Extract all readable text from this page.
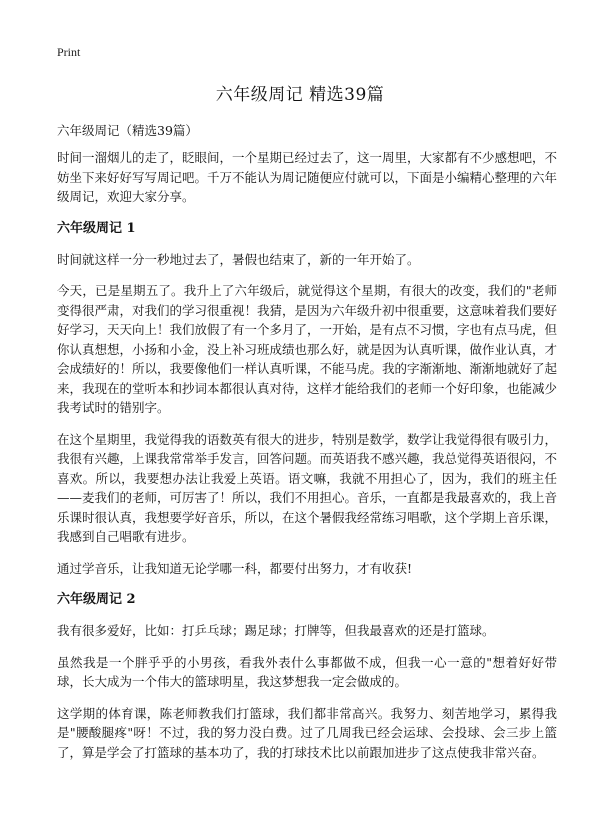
Print
六年级周记 精选39篇

六年级周记（精选39篇）

时间一溜烟儿的走了，眨眼间，一个星期已经过去了，这一周里，大家都有不少感想吧，不妨坐下来好好写写周记吧。千万不能认为周记随便应付就可以，下面是小编精心整理的六年级周记，欢迎大家分享。

六年级周记 1

时间就这样一分一秒地过去了，暑假也结束了，新的一年开始了。

今天，已是星期五了。我升上了六年级后，就觉得这个星期，有很大的改变，我们的"老师变得很严肃，对我们的学习很重视！我猜，是因为六年级升初中很重要，这意味着我们要好好学习，天天向上！我们放假了有一个多月了，一开始，是有点不习惯，字也有点马虎，但你认真想想，小扬和小金，没上补习班成绩也那么好，就是因为认真听课，做作业认真，才会成绩好的！所以，我要像他们一样认真听课，不能马虎。我的字渐渐地、渐渐地就好了起来，我现在的堂听本和抄词本都很认真对待，这样才能给我们的老师一个好印象，也能减少我考试时的错别字。

在这个星期里，我觉得我的语数英有很大的进步，特别是数学，数学让我觉得很有吸引力，我很有兴趣，上课我常常举手发言，回答问题。而英语我不感兴趣，我总觉得英语很闷，不喜欢。所以，我要想办法让我爱上英语。语文嘛，我就不用担心了，因为，我们的班主任——麦我们的老师，可厉害了！所以，我们不用担心。音乐，一直都是我最喜欢的，我上音乐课时很认真，我想要学好音乐，所以，在这个暑假我经常练习唱歌，这个学期上音乐课，我感到自己唱歌有进步。

通过学音乐，让我知道无论学哪一科，都要付出努力，才有收获!

六年级周记 2

我有很多爱好，比如：打乒乓球；踢足球；打牌等，但我最喜欢的还是打篮球。

虽然我是一个胖乎乎的小男孩，看我外表什么事都做不成，但我一心一意的"想着好好带球，长大成为一个伟大的篮球明星，我这梦想我一定会做成的。

这学期的体育课，陈老师教我们打篮球，我们都非常高兴。我努力、刻苦地学习，累得我是"腰酸腿疼"呀！不过，我的努力没白费。过了几周我已经会运球、会投球、会三步上篮了，算是学会了打篮球的基本功了，我的打球技术比以前跟加进步了这点使我非常兴奋。
